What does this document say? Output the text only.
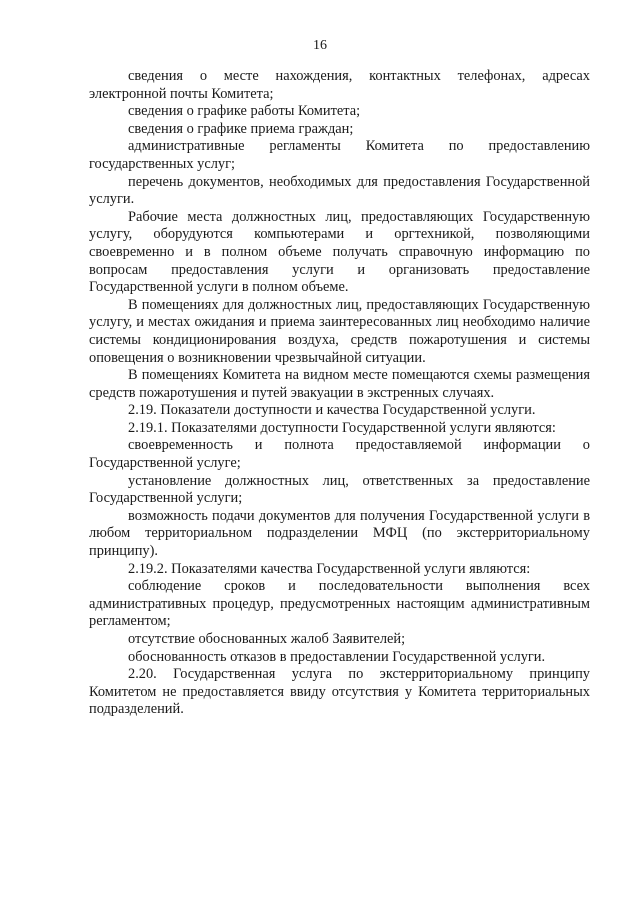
16

сведения о месте нахождения, контактных телефонах, адресах электронной почты Комитета;

сведения о графике работы Комитета;

сведения о графике приема граждан;

административные регламенты Комитета по предоставлению государственных услуг;

перечень документов, необходимых для предоставления Государственной услуги.

Рабочие места должностных лиц, предоставляющих Государственную услугу, оборудуются компьютерами и оргтехникой, позволяющими своевременно и в полном объеме получать справочную информацию по вопросам предоставления услуги и организовать предоставление Государственной услуги в полном объеме.

В помещениях для должностных лиц, предоставляющих Государственную услугу, и местах ожидания и приема заинтересованных лиц необходимо наличие системы кондиционирования воздуха, средств пожаротушения и системы оповещения о возникновении чрезвычайной ситуации.

В помещениях Комитета на видном месте помещаются схемы размещения средств пожаротушения и путей эвакуации в экстренных случаях.

2.19. Показатели доступности и качества Государственной услуги.

2.19.1. Показателями доступности Государственной услуги являются:

своевременность и полнота предоставляемой информации о Государственной услуге;

установление должностных лиц, ответственных за предоставление Государственной услуги;

возможность подачи документов для получения Государственной услуги в любом территориальном подразделении МФЦ (по экстерриториальному принципу).

2.19.2. Показателями качества Государственной услуги являются:

соблюдение сроков и последовательности выполнения всех административных процедур, предусмотренных настоящим административным регламентом;

отсутствие обоснованных жалоб Заявителей;

обоснованность отказов в предоставлении Государственной услуги.

2.20. Государственная услуга по экстерриториальному принципу Комитетом не предоставляется ввиду отсутствия у Комитета территориальных подразделений.
